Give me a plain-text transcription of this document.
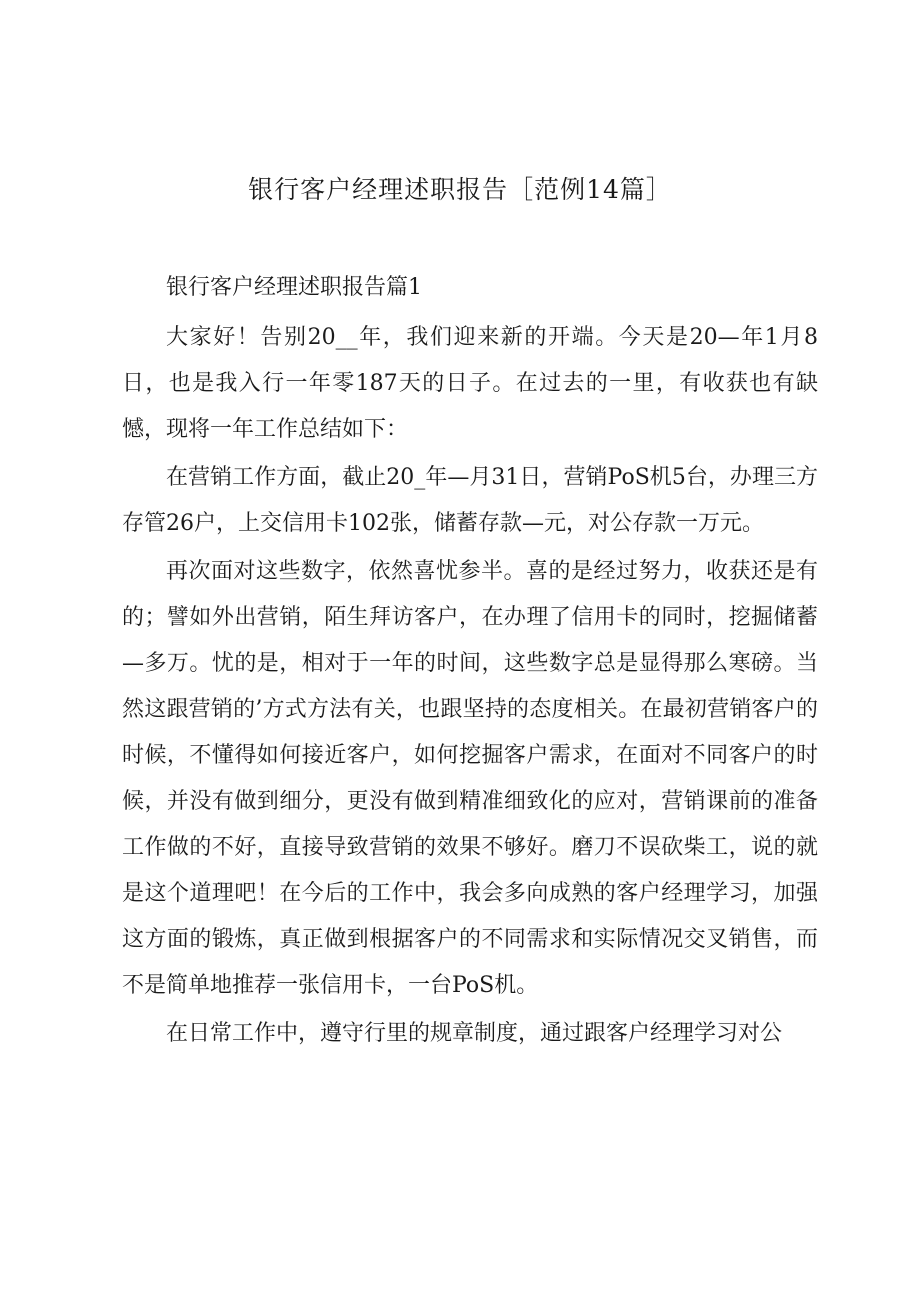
银行客户经理述职报告［范例14篇］

银行客户经理述职报告篇1

大家好！告别20__年，我们迎来新的开端。今天是20—年1月8日，也是我入行一年零187天的日子。在过去的一里，有收获也有缺憾，现将一年工作总结如下：

在营销工作方面，截止20_年—月31日，营销PoS机5台，办理三方存管26户，上交信用卡102张，储蓄存款—元，对公存款一万元。

再次面对这些数字，依然喜忧参半。喜的是经过努力，收获还是有的；譬如外出营销，陌生拜访客户，在办理了信用卡的同时，挖掘储蓄—多万。忧的是，相对于一年的时间，这些数字总是显得那么寒磅。当然这跟营销的’方式方法有关，也跟坚持的态度相关。在最初营销客户的时候，不懂得如何接近客户，如何挖掘客户需求，在面对不同客户的时候，并没有做到细分，更没有做到精准细致化的应对，营销课前的准备工作做的不好，直接导致营销的效果不够好。磨刀不误砍柴工，说的就是这个道理吧！在今后的工作中，我会多向成熟的客户经理学习，加强这方面的锻炼，真正做到根据客户的不同需求和实际情况交叉销售，而不是简单地推荐一张信用卡，一台PoS机。

在日常工作中，遵守行里的规章制度，通过跟客户经理学习对公
